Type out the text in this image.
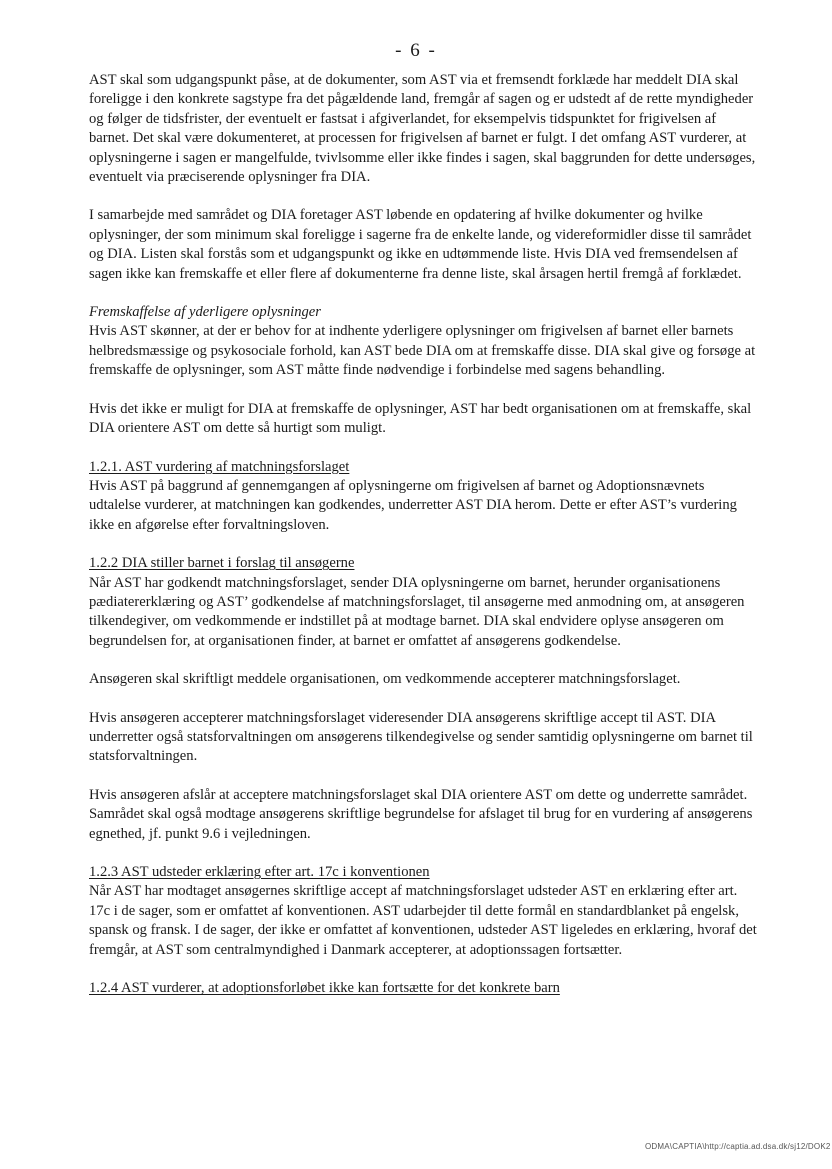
- 6 -

AST skal som udgangspunkt påse, at de dokumenter, som AST via et fremsendt forklæde har meddelt DIA skal foreligge i den konkrete sagstype fra det pågældende land, fremgår af sagen og er udstedt af de rette myndigheder og følger de tidsfrister, der eventuelt er fastsat i afgiverlandet, for eksempelvis tidspunktet for frigivelsen af barnet. Det skal være dokumenteret, at processen for frigivelsen af barnet er fulgt. I det omfang AST vurderer, at oplysningerne i sagen er mangelfulde, tvivlsomme eller ikke findes i sagen, skal baggrunden for dette undersøges, eventuelt via præciserende oplysninger fra DIA.

I samarbejde med samrådet og DIA foretager AST løbende en opdatering af hvilke dokumenter og hvilke oplysninger, der som minimum skal foreligge i sagerne fra de enkelte lande, og videreformidler disse til samrådet og DIA. Listen skal forstås som et udgangspunkt og ikke en udtømmende liste. Hvis DIA ved fremsendelsen af sagen ikke kan fremskaffe et eller flere af dokumenterne fra denne liste, skal årsagen hertil fremgå af forklædet.

Fremskaffelse af yderligere oplysninger

Hvis AST skønner, at der er behov for at indhente yderligere oplysninger om frigivelsen af barnet eller barnets helbredsmæssige og psykosociale forhold, kan AST bede DIA om at fremskaffe disse. DIA skal give og forsøge at fremskaffe de oplysninger, som AST måtte finde nødvendige i forbindelse med sagens behandling.

Hvis det ikke er muligt for DIA at fremskaffe de oplysninger, AST har bedt organisationen om at fremskaffe, skal DIA orientere AST om dette så hurtigt som muligt.

1.2.1. AST vurdering af matchningsforslaget

Hvis AST på baggrund af gennemgangen af oplysningerne om frigivelsen af barnet og Adoptionsnævnets udtalelse vurderer, at matchningen kan godkendes, underretter AST DIA herom. Dette er efter AST’s vurdering ikke en afgørelse efter forvaltningsloven.

1.2.2 DIA stiller barnet i forslag til ansøgerne

Når AST har godkendt matchningsforslaget, sender DIA oplysningerne om barnet, herunder organisationens pædiatererklæring og AST’ godkendelse af matchningsforslaget, til ansøgerne med anmodning om, at ansøgeren tilkendegiver, om vedkommende er indstillet på at modtage barnet. DIA skal endvidere oplyse ansøgeren om begrundelsen for, at organisationen finder, at barnet er omfattet af ansøgerens godkendelse.

Ansøgeren skal skriftligt meddele organisationen, om vedkommende accepterer matchningsforslaget.

Hvis ansøgeren accepterer matchningsforslaget videresender DIA ansøgerens skriftlige accept til AST. DIA underretter også statsforvaltningen om ansøgerens tilkendegivelse og sender samtidig oplysningerne om barnet til statsforvaltningen.

Hvis ansøgeren afslår at acceptere matchningsforslaget skal DIA orientere AST om dette og underrette samrådet. Samrådet skal også modtage ansøgerens skriftlige begrundelse for afslaget til brug for en vurdering af ansøgerens egnethed, jf. punkt 9.6 i vejledningen.

1.2.3 AST udsteder erklæring efter art. 17c i konventionen

Når AST har modtaget ansøgernes skriftlige accept af matchningsforslaget udsteder AST en erklæring efter art. 17c i de sager, som er omfattet af konventionen. AST udarbejder til dette formål en standardblanket på engelsk, spansk og fransk. I de sager, der ikke er omfattet af konventionen, udsteder AST ligeledes en erklæring, hvoraf det fremgår, at AST som centralmyndighed i Danmark accepterer, at adoptionssagen fortsætter.

1.2.4 AST vurderer, at adoptionsforløbet ikke kan fortsætte for det konkrete barn
ODMA\CAPTIA\http://captia.ad.dsa.dk/sj12/DOK2
